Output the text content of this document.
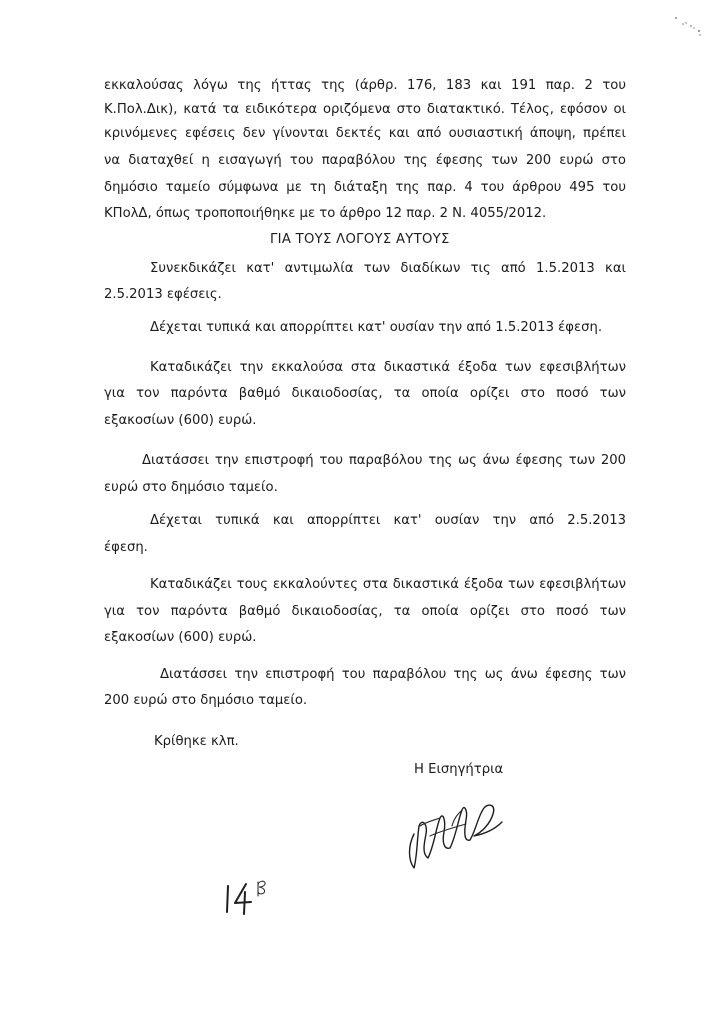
εκκαλούσας λόγω της ήττας της (άρθρ. 176, 183 και 191 παρ. 2 του
Κ.Πολ.Δικ), κατά τα ειδικότερα οριζόμενα στο διατακτικό. Τέλος, εφόσον οι
κρινόμενες εφέσεις δεν γίνονται δεκτές και από ουσιαστική άποψη, πρέπει
να διαταχθεί η εισαγωγή του παραβόλου της έφεσης των 200 ευρώ στο
δημόσιο ταμείο σύμφωνα με τη διάταξη της παρ. 4 του άρθρου 495 του
ΚΠολΔ, όπως τροποποιήθηκε με το άρθρο 12 παρ. 2 Ν. 4055/2012.
ΓΙΑ ΤΟΥΣ ΛΟΓΟΥΣ ΑΥΤΟΥΣ
Συνεκδικάζει κατ' αντιμωλία των διαδίκων τις από 1.5.2013 και
2.5.2013 εφέσεις.
Δέχεται τυπικά και απορρίπτει κατ' ουσίαν την από 1.5.2013 έφεση.
Καταδικάζει την εκκαλούσα στα δικαστικά έξοδα των εφεσιβλήτων
για τον παρόντα βαθμό δικαιοδοσίας, τα οποία ορίζει στο ποσό των
εξακοσίων (600) ευρώ.
Διατάσσει την επιστροφή του παραβόλου της ως άνω έφεσης των 200
ευρώ στο δημόσιο ταμείο.
Δέχεται τυπικά και απορρίπτει κατ' ουσίαν την από 2.5.2013
έφεση.
Καταδικάζει τους εκκαλούντες στα δικαστικά έξοδα των εφεσιβλήτων
για τον παρόντα βαθμό δικαιοδοσίας, τα οποία ορίζει στο ποσό των
εξακοσίων (600) ευρώ.
Διατάσσει την επιστροφή του παραβόλου της ως άνω έφεσης των
200 ευρώ στο δημόσιο ταμείο.
Κρίθηκε κλπ.
Η Εισηγήτρια
